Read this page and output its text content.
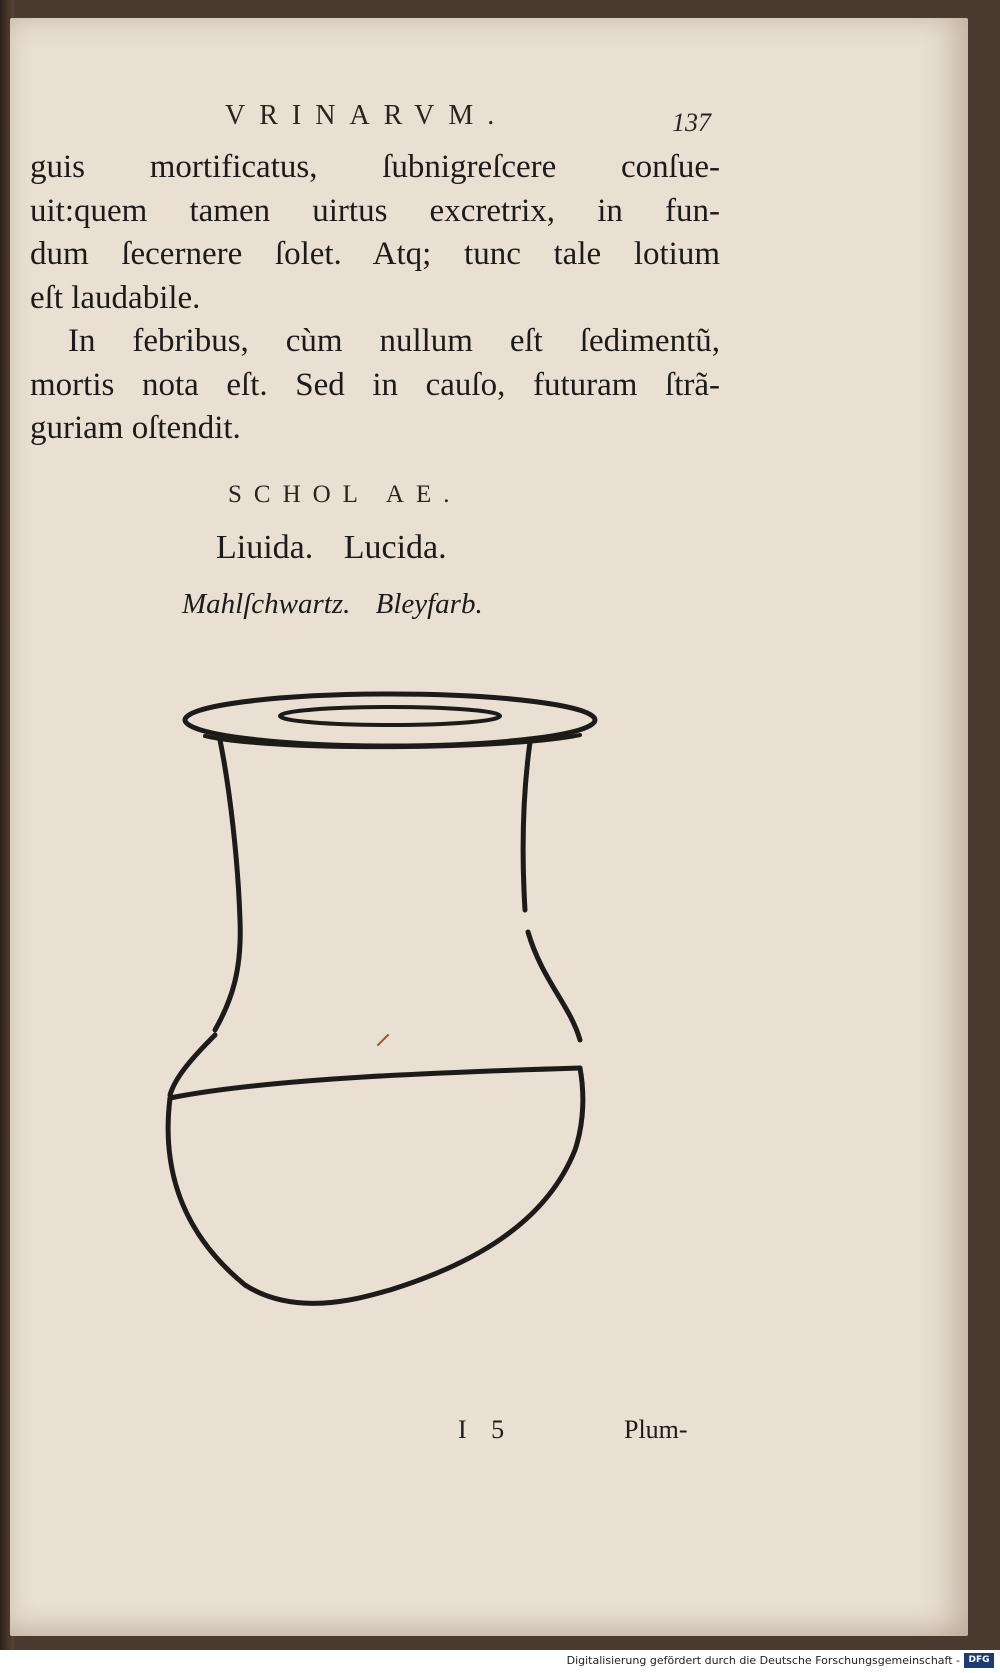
VRINARVM.	137
guis mortificatus, ſubnigreſcere conſue-
uit:quem tamen uirtus excretrix, in fun-
dum ſecernere ſolet. Atq; tunc tale lotium
eſt laudabile.
In febribus, cùm nullum eſt ſedimentũ,
mortis nota eſt. Sed in cauſo, futuram ſtrã-
guriam oſtendit.
SCHOL AE.
Liuida. Lucida.
Mahlſchwartz. Bleyfarb.
I 5	Plum-
Digitalisierung gefördert durch die Deutsche Forschungsgemeinschaft - DFG
